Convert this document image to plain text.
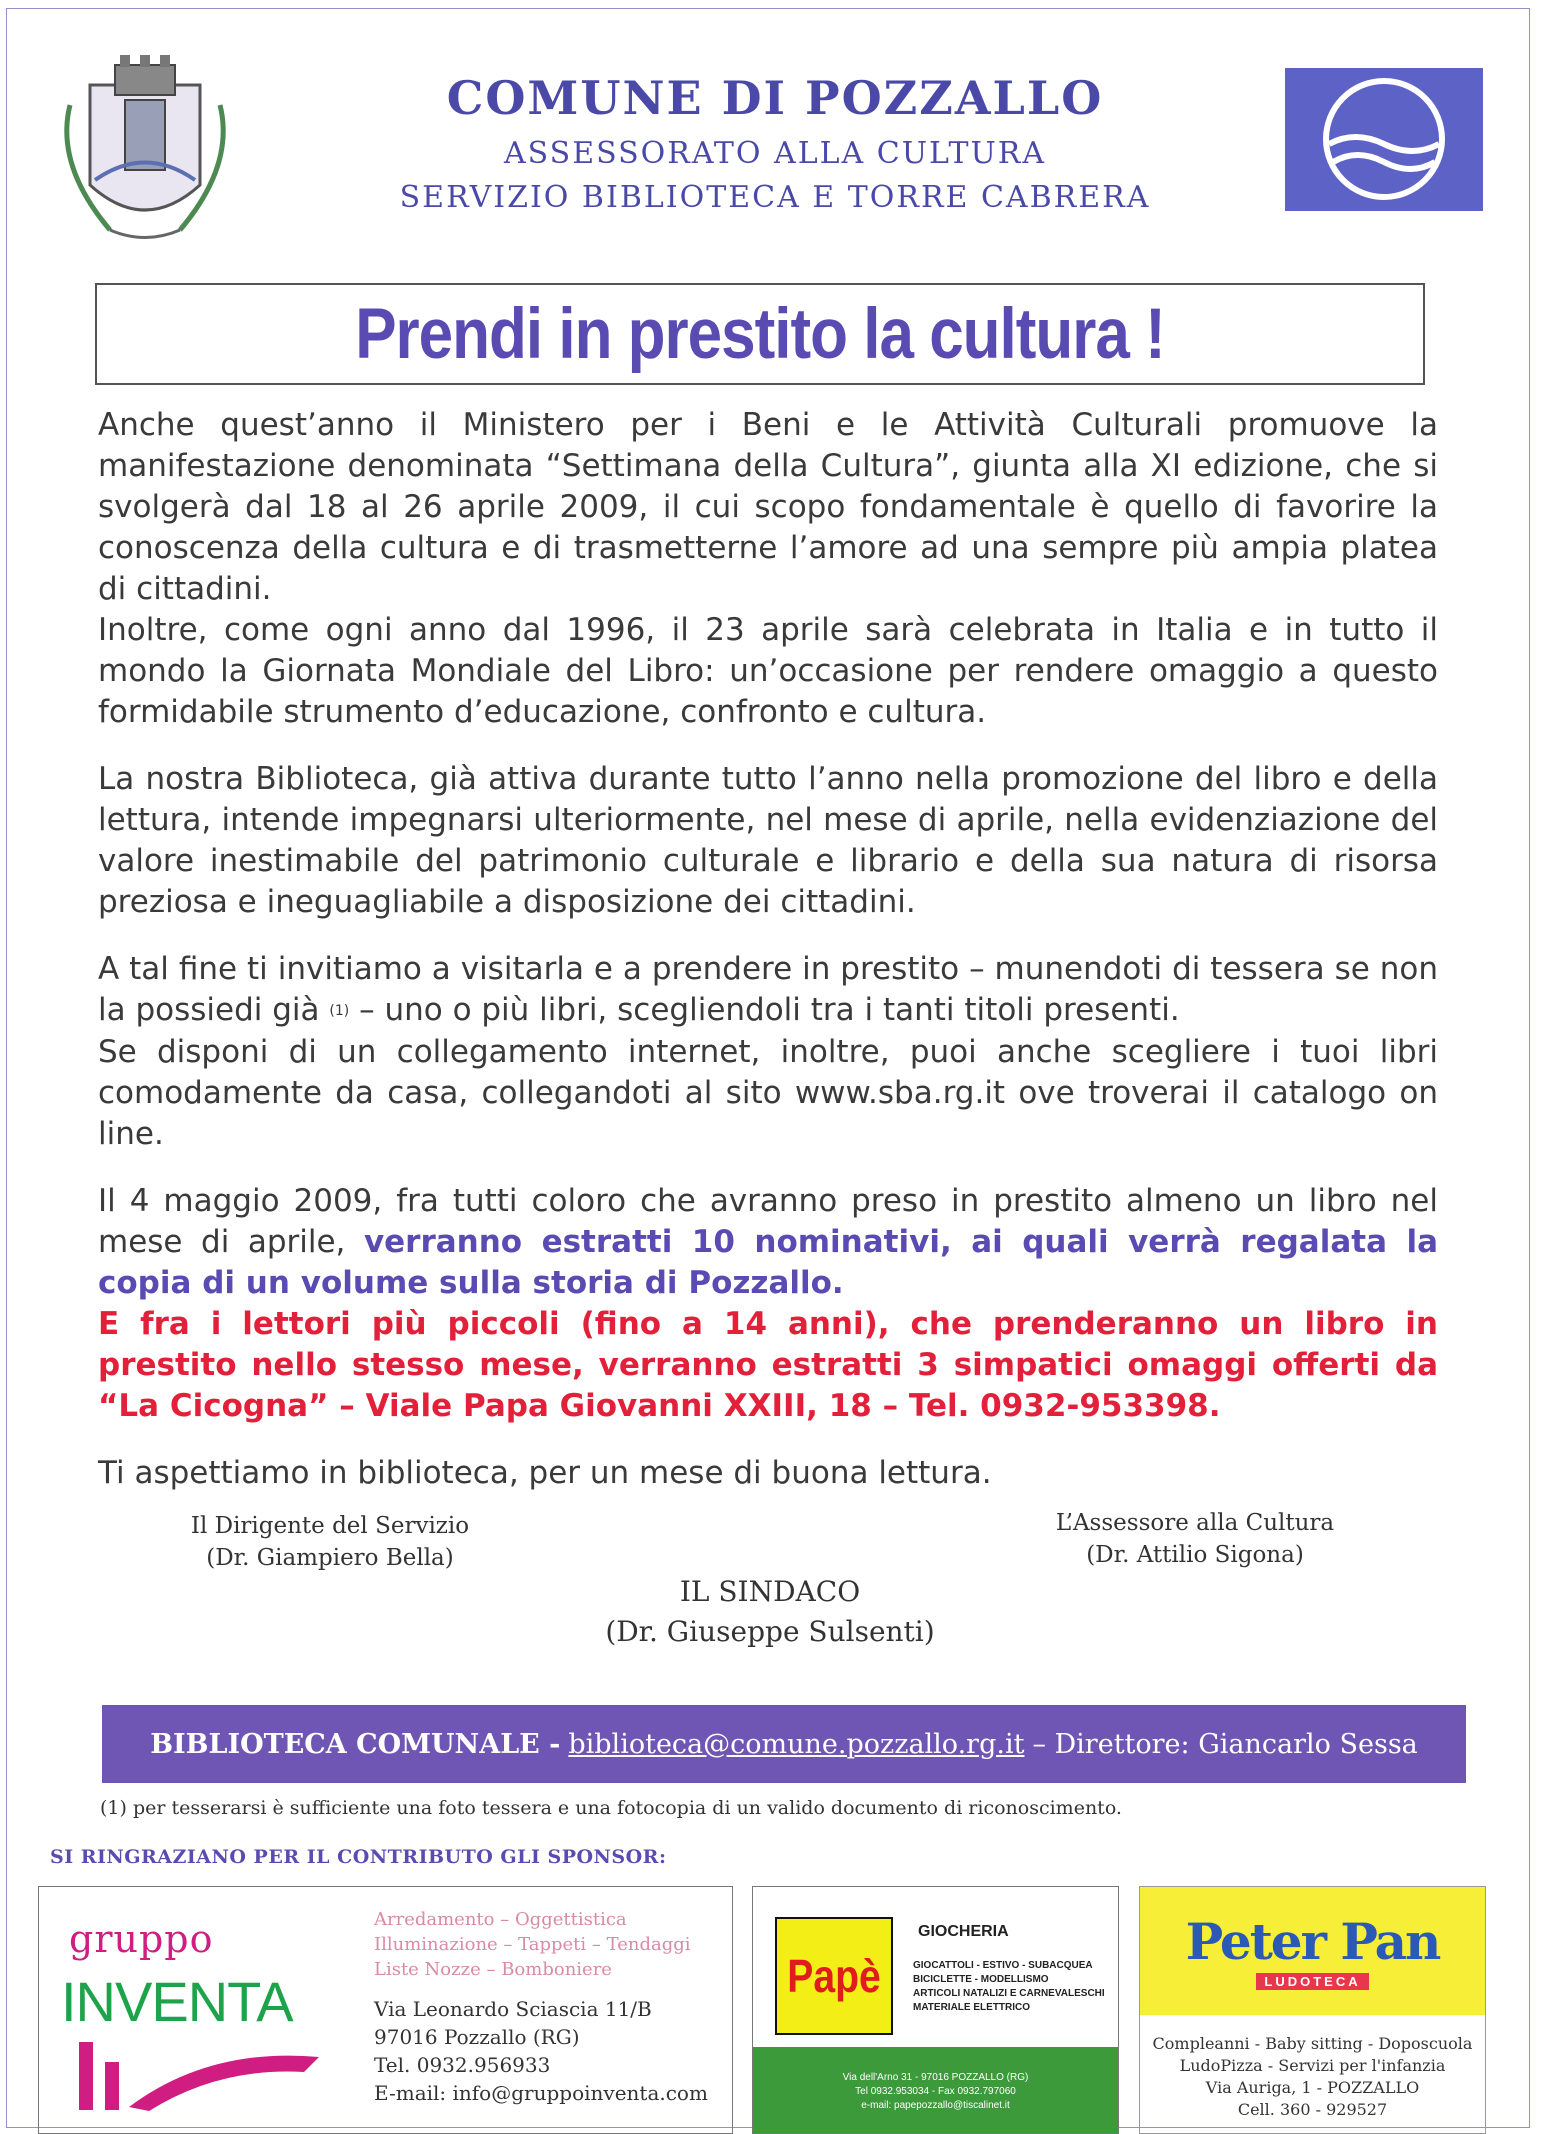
COMUNE DI POZZALLO
ASSESSORATO ALLA CULTURA
SERVIZIO BIBLIOTECA E TORRE CABRERA
Prendi in prestito la cultura !

Anche quest’anno il Ministero per i Beni e le Attività Culturali promuove la manifestazione denominata “Settimana della Cultura”, giunta alla XI edizione, che si svolgerà dal 18 al 26 aprile 2009, il cui scopo fondamentale è quello di favorire la conoscenza della cultura e di trasmetterne l’amore ad una sempre più ampia platea di cittadini.

Inoltre, come ogni anno dal 1996, il 23 aprile sarà celebrata in Italia e in tutto il mondo la Giornata Mondiale del Libro: un’occasione per rendere omaggio a questo formidabile strumento d’educazione, confronto e cultura.

La nostra Biblioteca, già attiva durante tutto l’anno nella promozione del libro e della lettura, intende impegnarsi ulteriormente, nel mese di aprile, nella evidenziazione del valore inestimabile del patrimonio culturale e librario e della sua natura di risorsa preziosa e ineguagliabile a disposizione dei cittadini.

A tal fine ti invitiamo a visitarla e a prendere in prestito – munendoti di tessera se non la possiedi già (1) – uno o più libri, scegliendoli tra i tanti titoli presenti.

Se disponi di un collegamento internet, inoltre, puoi anche scegliere i tuoi libri comodamente da casa, collegandoti al sito www.sba.rg.it ove troverai il catalogo on line.

Il 4 maggio 2009, fra tutti coloro che avranno preso in prestito almeno un libro nel mese di aprile, verranno estratti 10 nominativi, ai quali verrà regalata la copia di un volume sulla storia di Pozzallo.

E fra i lettori più piccoli (fino a 14 anni), che prenderanno un libro in prestito nello stesso mese, verranno estratti 3 simpatici omaggi offerti da “La Cicogna” – Viale Papa Giovanni XXIII, 18 – Tel. 0932-953398.

Ti aspettiamo in biblioteca, per un mese di buona lettura.

Il Dirigente del Servizio
(Dr. Giampiero Bella)
L’Assessore alla Cultura
(Dr. Attilio Sigona)
IL SINDACO
(Dr. Giuseppe Sulsenti)
BIBLIOTECA COMUNALE - biblioteca@comune.pozzallo.rg.it – Direttore: Giancarlo Sessa
(1) per tesserarsi è sufficiente una foto tessera e una fotocopia di un valido documento di riconoscimento.
SI RINGRAZIANO PER IL CONTRIBUTO GLI SPONSOR:
gruppo
INVENTA
Arredamento – Oggettistica
Illuminazione – Tappeti – Tendaggi
Liste Nozze – Bomboniere
Via Leonardo Sciascia 11/B
97016 Pozzallo (RG)
Tel. 0932.956933
E-mail: info@gruppoinventa.com
Papè
GIOCHERIA
GIOCATTOLI - ESTIVO - SUBACQUEA
BICICLETTE - MODELLISMO
ARTICOLI NATALIZI E CARNEVALESCHI
MATERIALE ELETTRICO
Via dell'Arno 31 - 97016 POZZALLO (RG)
Tel 0932.953034 - Fax 0932.797060
e-mail: papepozzallo@tiscalinet.it
Peter Pan
LUDOTECA
Compleanni - Baby sitting - Doposcuola
LudoPizza - Servizi per l'infanzia
Via Auriga, 1 - POZZALLO
Cell. 360 - 929527
